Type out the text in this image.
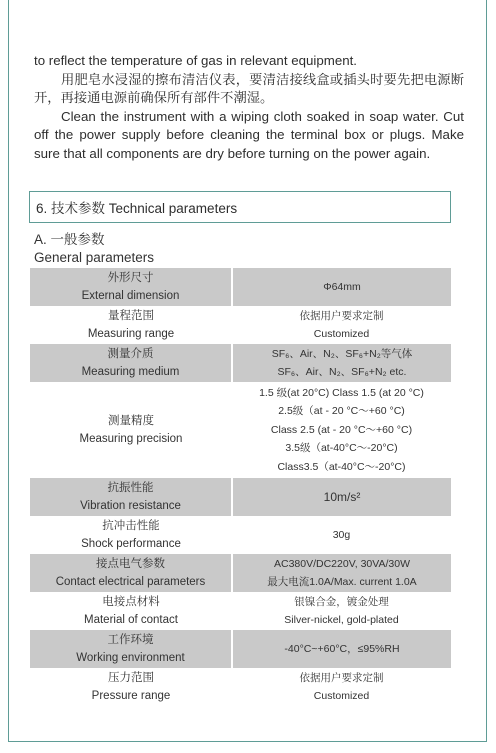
to reflect the temperature of gas in relevant equipment.

用肥皂水浸湿的擦布清洁仪表，要清洁接线盒或插头时要先把电源断开，再接通电源前确保所有部件不潮湿。

Clean the instrument with a wiping cloth soaked in soap water. Cut off the power supply before cleaning the terminal box or plugs. Make sure that all components are dry before turning on the power again.

6. 技术参数 Technical parameters
A. 一般参数
General parameters
外形尺寸
External dimension	Φ64mm

量程范围
Measuring range	依据用户要求定制
Customized

测量介质
Measuring medium	SF₆、Air、N₂、SF₆+N₂等气体
SF₆、Air、N₂、SF₆+N₂ etc.

测量精度
Measuring precision	1.5 级(at 20°C) Class 1.5 (at 20 °C)
2.5级（at - 20 °C～+60 °C)
Class 2.5 (at - 20 °C～+60 °C)
3.5级（at-40°C～-20°C)
Class3.5（at-40°C～-20°C)

抗振性能
Vibration resistance	10m/s²

抗冲击性能
Shock performance	30g

接点电气参数
Contact electrical parameters	AC380V/DC220V, 30VA/30W
最大电流1.0A/Max. current 1.0A

电接点材料
Material of contact	银镍合金，镀金处理
Silver-nickel, gold-plated

工作环境
Working environment	-40°C~+60°C，≤95%RH

压力范围
Pressure range	依据用户要求定制
Customized
